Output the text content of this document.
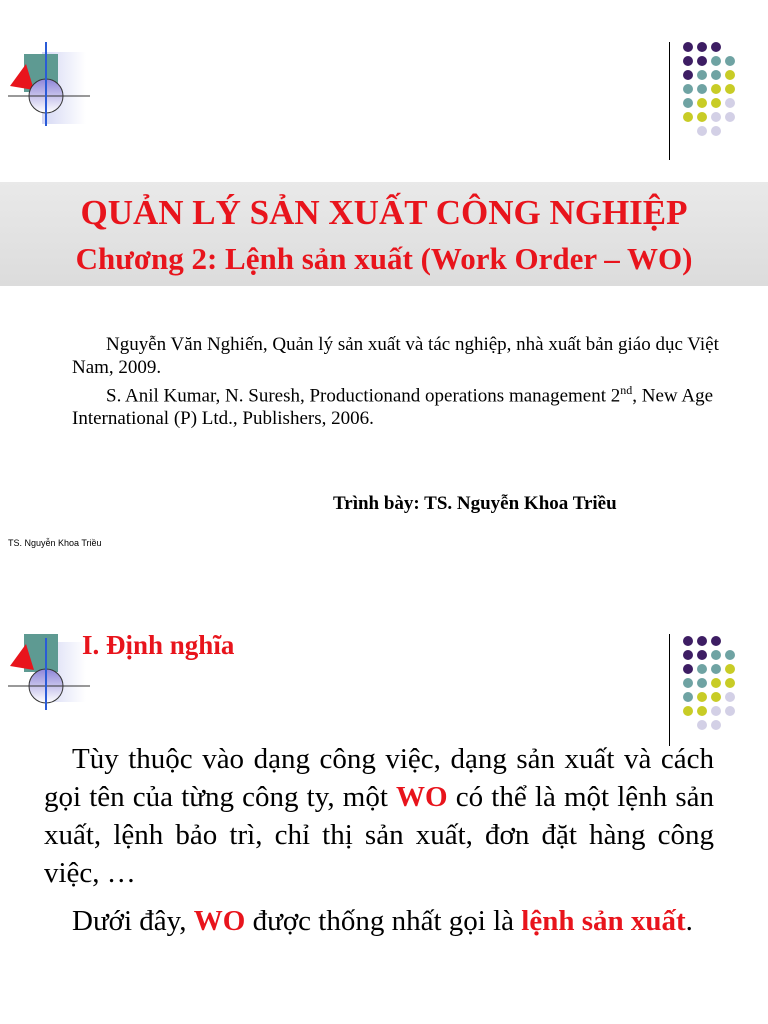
QUẢN LÝ SẢN XUẤT CÔNG NGHIỆP
Chương 2: Lệnh sản xuất (Work Order – WO)

Nguyễn Văn Nghiến, Quản lý sản xuất và tác nghiệp, nhà xuất bản giáo dục Việt Nam, 2009.

S. Anil Kumar, N. Suresh, Productionand operations management 2nd, New Age International (P) Ltd., Publishers, 2006.

Trình bày: TS. Nguyễn Khoa Triều
TS. Nguyễn Khoa Triều
I. Định nghĩa

Tùy thuộc vào dạng công việc, dạng sản xuất và cách gọi tên của từng công ty, một WO có thể là một lệnh sản xuất, lệnh bảo trì, chỉ thị sản xuất, đơn đặt hàng công việc, …

Dưới đây, WO được thống nhất gọi là lệnh sản xuất.
